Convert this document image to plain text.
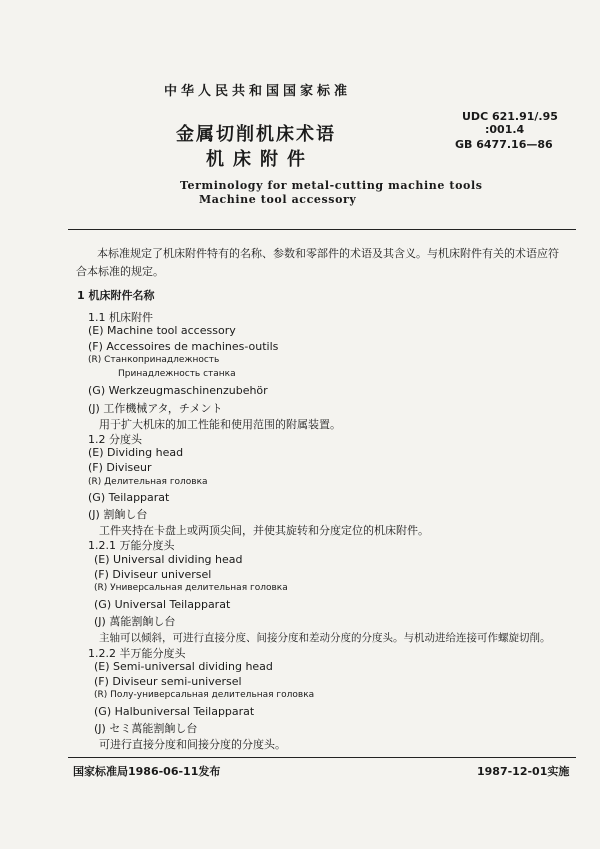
中华人民共和国国家标准
UDC 621.91/.95
:001.4
GB 6477.16—86
金属切削机床术语
机床附件
Terminology for metal-cutting machine tools
Machine tool accessory
本标准规定了机床附件特有的名称、参数和零部件的术语及其含义。与机床附件有关的术语应符
合本标准的规定。
1 机床附件名称
1.1 机床附件
(E) Machine tool accessory
(F) Accessoires de machines-outils
(R) Станкопринадлежность
Принадлежность станка
(G) Werkzeugmaschinenzubehör
(J) 工作機械アタ，チメント
用于扩大机床的加工性能和使用范围的附属装置。
1.2 分度头
(E) Dividing head
(F) Diviseur
(R) Делительная головка
(G) Teilapparat
(J) 割餉し台
工件夹持在卡盘上或两顶尖间，并使其旋转和分度定位的机床附件。
1.2.1 万能分度头
(E) Universal dividing head
(F) Diviseur universel
(R) Универсальная делительная головка
(G) Universal Teilapparat
(J) 萬能割餉し台
主轴可以倾斜，可进行直接分度、间接分度和差动分度的分度头。与机动进给连接可作螺旋切削。
1.2.2 半万能分度头
(E) Semi-universal dividing head
(F) Diviseur semi-universel
(R) Полу-универсальная делительная головка
(G) Halbuniversal Teilapparat
(J) セミ萬能割餉し台
可进行直接分度和间接分度的分度头。
国家标准局1986-06-11发布	1987-12-01实施
